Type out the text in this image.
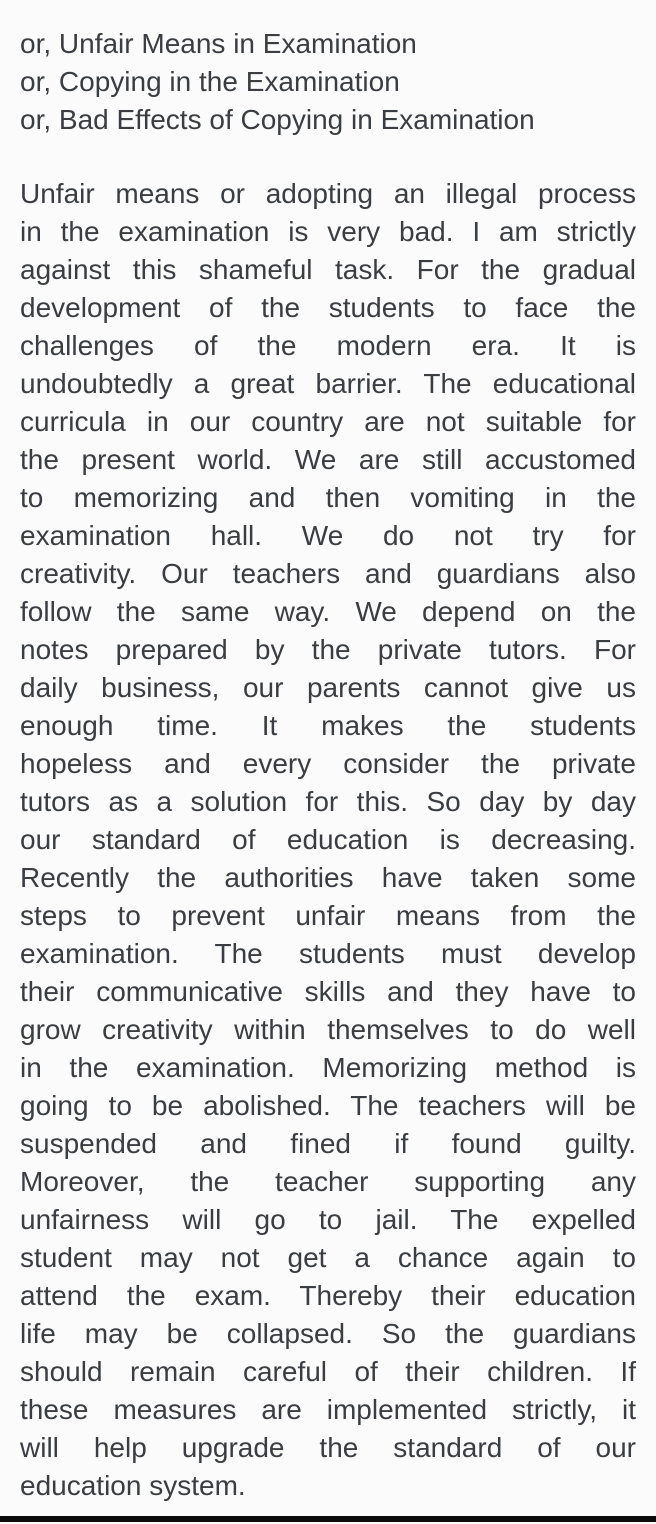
or, Unfair Means in Examination
or, Copying in the Examination
or, Bad Effects of Copying in Examination
Unfair means or adopting an illegal process
in the examination is very bad. I am strictly
against this shameful task. For the gradual
development of the students to face the
challenges of the modern era. It is
undoubtedly a great barrier. The educational
curricula in our country are not suitable for
the present world. We are still accustomed
to memorizing and then vomiting in the
examination hall. We do not try for
creativity. Our teachers and guardians also
follow the same way. We depend on the
notes prepared by the private tutors. For
daily business, our parents cannot give us
enough time. It makes the students
hopeless and every consider the private
tutors as a solution for this. So day by day
our standard of education is decreasing.
Recently the authorities have taken some
steps to prevent unfair means from the
examination. The students must develop
their communicative skills and they have to
grow creativity within themselves to do well
in the examination. Memorizing method is
going to be abolished. The teachers will be
suspended and fined if found guilty.
Moreover, the teacher supporting any
unfairness will go to jail. The expelled
student may not get a chance again to
attend the exam. Thereby their education
life may be collapsed. So the guardians
should remain careful of their children. If
these measures are implemented strictly, it
will help upgrade the standard of our
education system.
